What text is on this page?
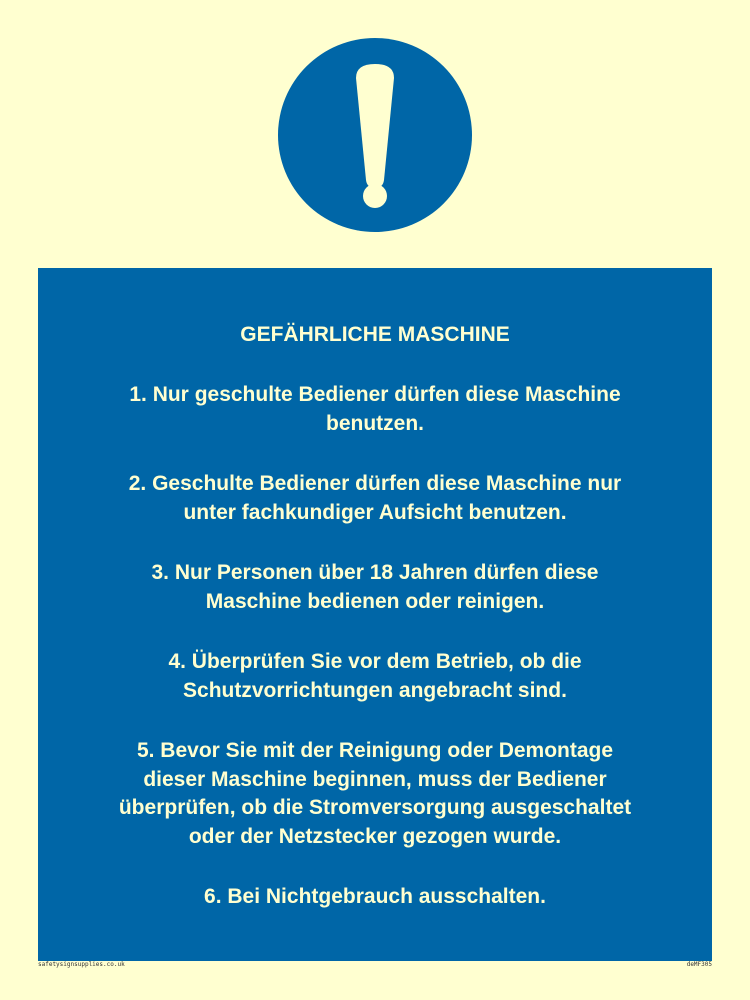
GEFÄHRLICHE MASCHINE
1. Nur geschulte Bediener dürfen diese Maschine
benutzen.
2. Geschulte Bediener dürfen diese Maschine nur
unter fachkundiger Aufsicht benutzen.
3. Nur Personen über 18 Jahren dürfen diese
Maschine bedienen oder reinigen.
4. Überprüfen Sie vor dem Betrieb, ob die
Schutzvorrichtungen angebracht sind.
5. Bevor Sie mit der Reinigung oder Demontage
dieser Maschine beginnen, muss der Bediener
überprüfen, ob die Stromversorgung ausgeschaltet
oder der Netzstecker gezogen wurde.
6. Bei Nichtgebrauch ausschalten.
safetysignsupplies.co.uk	deMF305
